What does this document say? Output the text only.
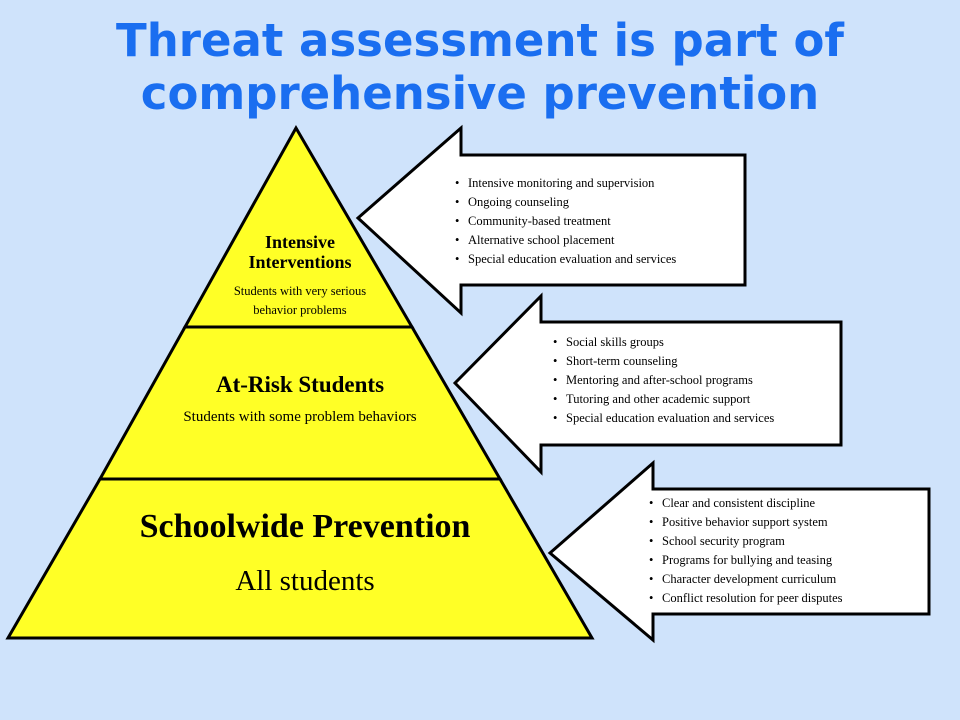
Threat assessment is part of
comprehensive prevention
Intensive
Interventions
Students with very serious
behavior problems
At-Risk Students
Students with some problem behaviors
Schoolwide Prevention
All students
• Intensive monitoring and supervision
• Ongoing counseling
• Community-based treatment
• Alternative school placement
• Special education evaluation and services
• Social skills groups
• Short-term counseling
• Mentoring and after-school programs
• Tutoring and other academic support
• Special education evaluation and services
• Clear and consistent discipline
• Positive behavior support system
• School security program
• Programs for bullying and teasing
• Character development curriculum
• Conflict resolution for peer disputes
